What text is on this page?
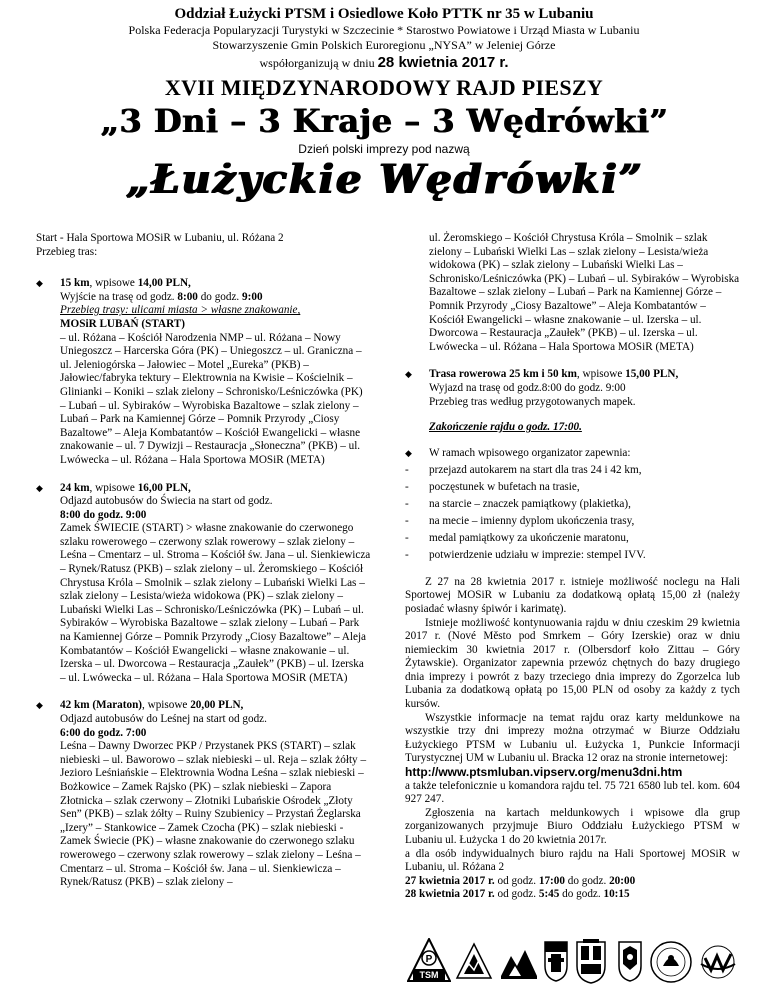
Oddział Łużycki PTSM i Osiedlowe Koło PTTK nr 35 w Lubaniu
Polska Federacja Popularyzacji Turystyki w Szczecinie * Starostwo Powiatowe i Urząd Miasta w Lubaniu
Stowarzyszenie Gmin Polskich Euroregionu „NYSA” w Jeleniej Górze
współorganizują w dniu 28 kwietnia 2017 r.
XVII MIĘDZYNARODOWY RAJD PIESZY
„3 Dni – 3 Kraje – 3 Wędrówki”
Dzień polski imprezy pod nazwą
„Łużyckie Wędrówki”
Start - Hala Sportowa MOSiR w Lubaniu, ul. Różana 2
Przebieg tras:
◆ 15 km, wpisowe 14,00 PLN,
Wyjście na trasę od godz. 8:00 do godz. 9:00
Przebieg trasy: ulicami miasta > własne znakowanie,
MOSiR LUBAŃ (START)
– ul. Różana – Kościół Narodzenia NMP – ul. Różana – Nowy Uniegoszcz – Harcerska Góra (PK) – Uniegoszcz – ul. Graniczna – ul. Jeleniogórska – Jałowiec – Motel „Eureka” (PKB) – Jałowiec/fabryka tektury – Elektrownia na Kwisie – Kościelnik – Glinianki – Koniki – szlak zielony – Schronisko/Leśniczówka (PK) – Lubań – ul. Sybiraków – Wyrobiska Bazaltowe – szlak zielony – Lubań – Park na Kamiennej Górze – Pomnik Przyrody „Ciosy Bazaltowe” – Aleja Kombatantów – Kościół Ewangelicki – własne znakowanie – ul. 7 Dywizji – Restauracja „Słoneczna” (PKB) – ul. Lwówecka – ul. Różana – Hala Sportowa MOSiR (META)
◆ 24 km, wpisowe 16,00 PLN,
Odjazd autobusów do Świecia na start od godz.
8:00 do godz. 9:00
Zamek ŚWIECIE (START) > własne znakowanie do czerwonego szlaku rowerowego – czerwony szlak rowerowy – szlak zielony – Leśna – Cmentarz – ul. Stroma – Kościół św. Jana – ul. Sienkiewicza – Rynek/Ratusz (PKB) – szlak zielony – ul. Żeromskiego – Kościół Chrystusa Króla – Smolnik – szlak zielony – Lubański Wielki Las – szlak zielony – Lesista/wieża widokowa (PK) – szlak zielony – Lubański Wielki Las – Schronisko/Leśniczówka (PK) – Lubań – ul. Sybiraków – Wyrobiska Bazaltowe – szlak zielony – Lubań – Park na Kamiennej Górze – Pomnik Przyrody „Ciosy Bazaltowe” – Aleja Kombatantów – Kościół Ewangelicki – własne znakowanie – ul. Izerska – ul. Dworcowa – Restauracja „Zaułek” (PKB) – ul. Izerska – ul. Lwówecka – ul. Różana – Hala Sportowa MOSiR (META)
◆ 42 km (Maraton), wpisowe 20,00 PLN,
Odjazd autobusów do Leśnej na start od godz.
6:00 do godz. 7:00
Leśna – Dawny Dworzec PKP / Przystanek PKS (START) – szlak niebieski – ul. Baworowo – szlak niebieski – ul. Reja – szlak żółty – Jezioro Leśniańskie – Elektrownia Wodna Leśna – szlak niebieski – Bożkowice – Zamek Rajsko (PK) – szlak niebieski – Zapora Złotnicka – szlak czerwony – Złotniki Lubańskie Ośrodek „Złoty Sen” (PKB) – szlak żółty – Ruiny Szubienicy – Przystań Żeglarska „Izery” – Stankowice – Zamek Czocha (PK) – szlak niebieski - Zamek Świecie (PK) – własne znakowanie do czerwonego szlaku rowerowego – czerwony szlak rowerowy – szlak zielony – Leśna – Cmentarz – ul. Stroma – Kościół św. Jana – ul. Sienkiewicza – Rynek/Ratusz (PKB) – szlak zielony –
ul. Żeromskiego – Kościół Chrystusa Króla – Smolnik – szlak zielony – Lubański Wielki Las – szlak zielony – Lesista/wieża widokowa (PK) – szlak zielony – Lubański Wielki Las – Schronisko/Leśniczówka (PK) – Lubań – ul. Sybiraków – Wyrobiska Bazaltowe – szlak zielony – Lubań – Park na Kamiennej Górze – Pomnik Przyrody „Ciosy Bazaltowe” – Aleja Kombatantów – Kościół Ewangelicki – własne znakowanie – ul. Izerska – ul. Dworcowa – Restauracja „Zaułek” (PKB) – ul. Izerska – ul. Lwówecka – ul. Różana – Hala Sportowa MOSiR (META)
◆ Trasa rowerowa 25 km i 50 km, wpisowe 15,00 PLN,
Wyjazd na trasę od godz.8:00 do godz. 9:00
Przebieg tras według przygotowanych mapek.
Zakończenie rajdu o godz. 17:00.
◆ W ramach wpisowego organizator zapewnia:
- przejazd autokarem na start dla tras 24 i 42 km,
- poczęstunek w bufetach na trasie,
- na starcie – znaczek pamiątkowy (plakietka),
- na mecie – imienny dyplom ukończenia trasy,
- medal pamiątkowy za ukończenie maratonu,
- potwierdzenie udziału w imprezie: stempel IVV.
Z 27 na 28 kwietnia 2017 r. istnieje możliwość noclegu na Hali Sportowej MOSiR w Lubaniu za dodatkową opłatą 15,00 zł (należy posiadać własny śpiwór i karimatę).
Istnieje możliwość kontynuowania rajdu w dniu czeskim 29 kwietnia 2017 r. (Nové Město pod Smrkem – Góry Izerskie) oraz w dniu niemieckim 30 kwietnia 2017 r. (Olbersdorf koło Zittau – Góry Żytawskie). Organizator zapewnia przewóz chętnych do bazy drugiego dnia imprezy i powrót z bazy trzeciego dnia imprezy do Zgorzelca lub Lubania za dodatkową opłatą po 15,00 PLN od osoby za każdy z tych kursów.
Wszystkie informacje na temat rajdu oraz karty meldunkowe na wszystkie trzy dni imprezy można otrzymać w Biurze Oddziału Łużyckiego PTSM w Lubaniu ul. Łużycka 1, Punkcie Informacji Turystycznej UM w Lubaniu ul. Bracka 12 oraz na stronie internetowej:
http://www.ptsmluban.vipserv.org/menu3dni.htm
a także telefonicznie u komandora rajdu tel. 75 721 6580 lub tel. kom. 604 927 247.
Zgłoszenia na kartach meldunkowych i wpisowe dla grup zorganizowanych przyjmuje Biuro Oddziału Łużyckiego PTSM w Lubaniu ul. Łużycka 1 do 20 kwietnia 2017r.
a dla osób indywidualnych biuro rajdu na Hali Sportowej MOSiR w Lubaniu, ul. Różana 2
27 kwietnia 2017 r. od godz. 17:00 do godz. 20:00
28 kwietnia 2017 r. od godz. 5:45 do godz. 10:15
P
TSM
